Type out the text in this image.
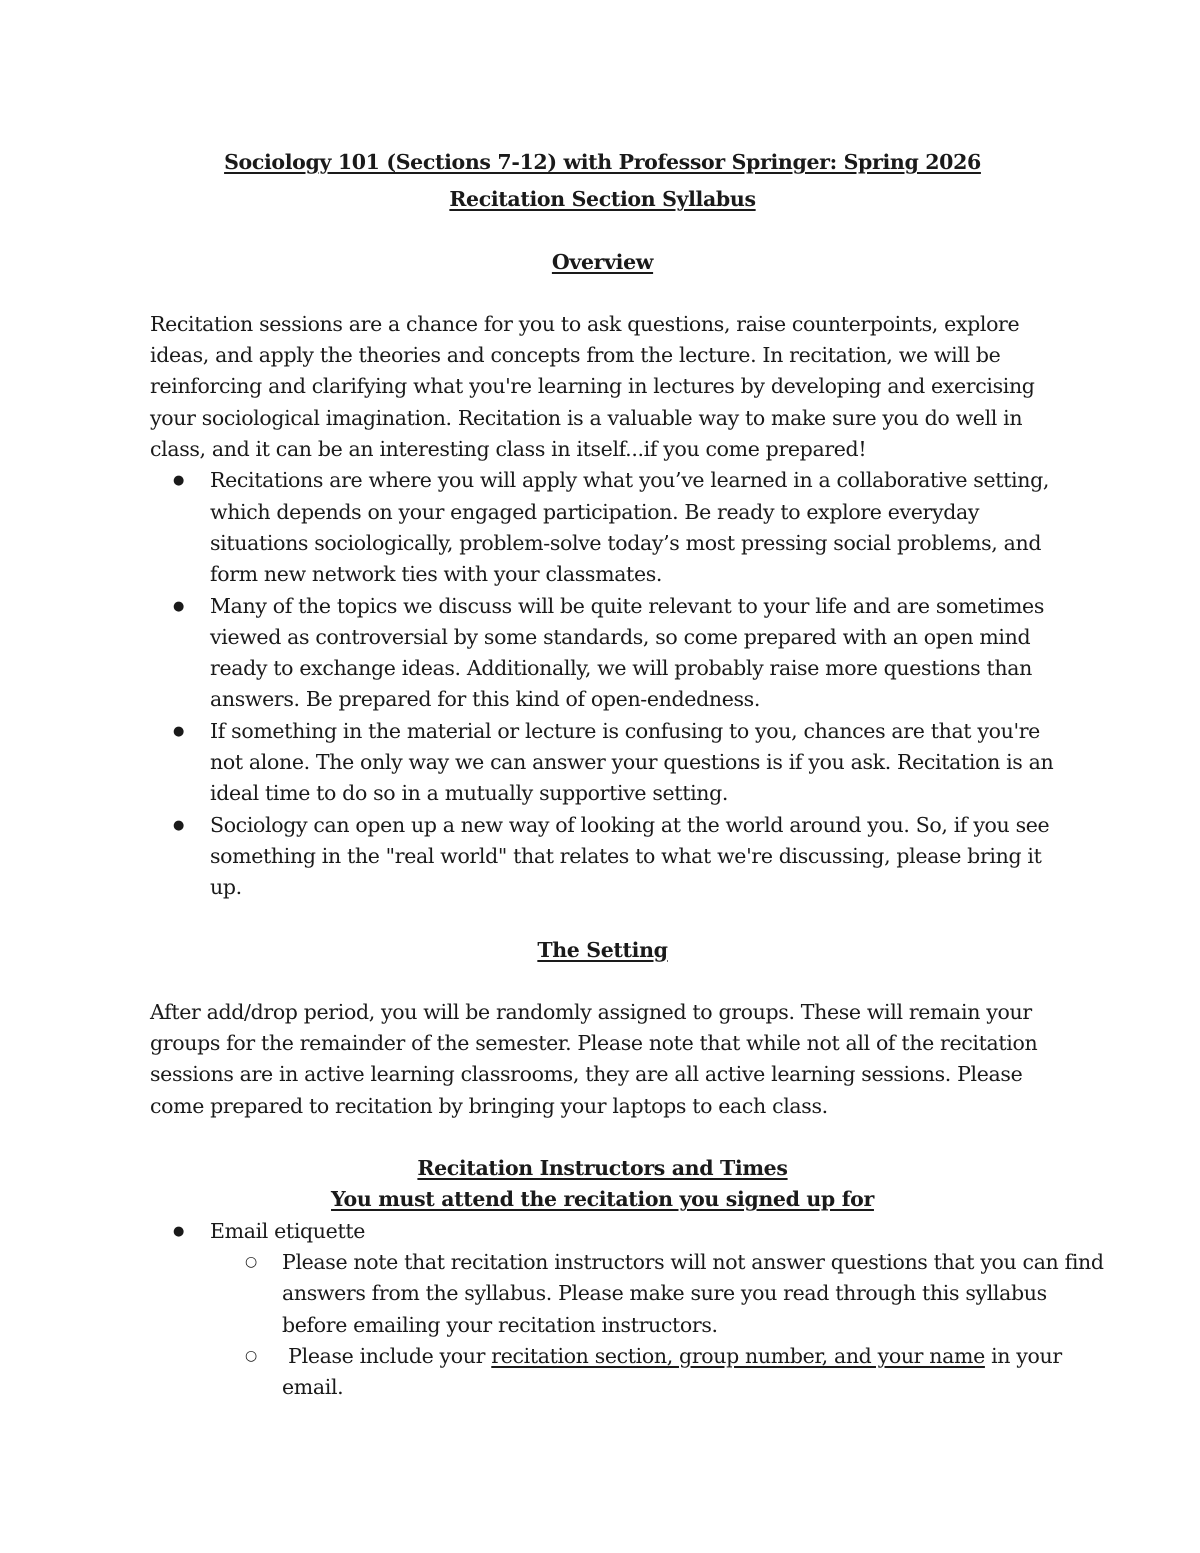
Sociology 101 (Sections 7-12) with Professor Springer: Spring 2026
Recitation Section Syllabus
Overview
Recitation sessions are a chance for you to ask questions, raise counterpoints, explore ideas, and apply the theories and concepts from the lecture. In recitation, we will be reinforcing and clarifying what you're learning in lectures by developing and exercising your sociological imagination. Recitation is a valuable way to make sure you do well in class, and it can be an interesting class in itself...if you come prepared!
● Recitations are where you will apply what you’ve learned in a collaborative setting, which depends on your engaged participation. Be ready to explore everyday situations sociologically, problem-solve today’s most pressing social problems, and form new network ties with your classmates.
● Many of the topics we discuss will be quite relevant to your life and are sometimes viewed as controversial by some standards, so come prepared with an open mind ready to exchange ideas. Additionally, we will probably raise more questions than answers. Be prepared for this kind of open-endedness.
● If something in the material or lecture is confusing to you, chances are that you're not alone. The only way we can answer your questions is if you ask. Recitation is an ideal time to do so in a mutually supportive setting.
● Sociology can open up a new way of looking at the world around you. So, if you see something in the "real world" that relates to what we're discussing, please bring it up.
The Setting
After add/drop period, you will be randomly assigned to groups. These will remain your groups for the remainder of the semester. Please note that while not all of the recitation sessions are in active learning classrooms, they are all active learning sessions. Please come prepared to recitation by bringing your laptops to each class.
Recitation Instructors and Times
You must attend the recitation you signed up for
● Email etiquette
○ Please note that recitation instructors will not answer questions that you can find answers from the syllabus. Please make sure you read through this syllabus before emailing your recitation instructors.
○ Please include your recitation section, group number, and your name in your email.
